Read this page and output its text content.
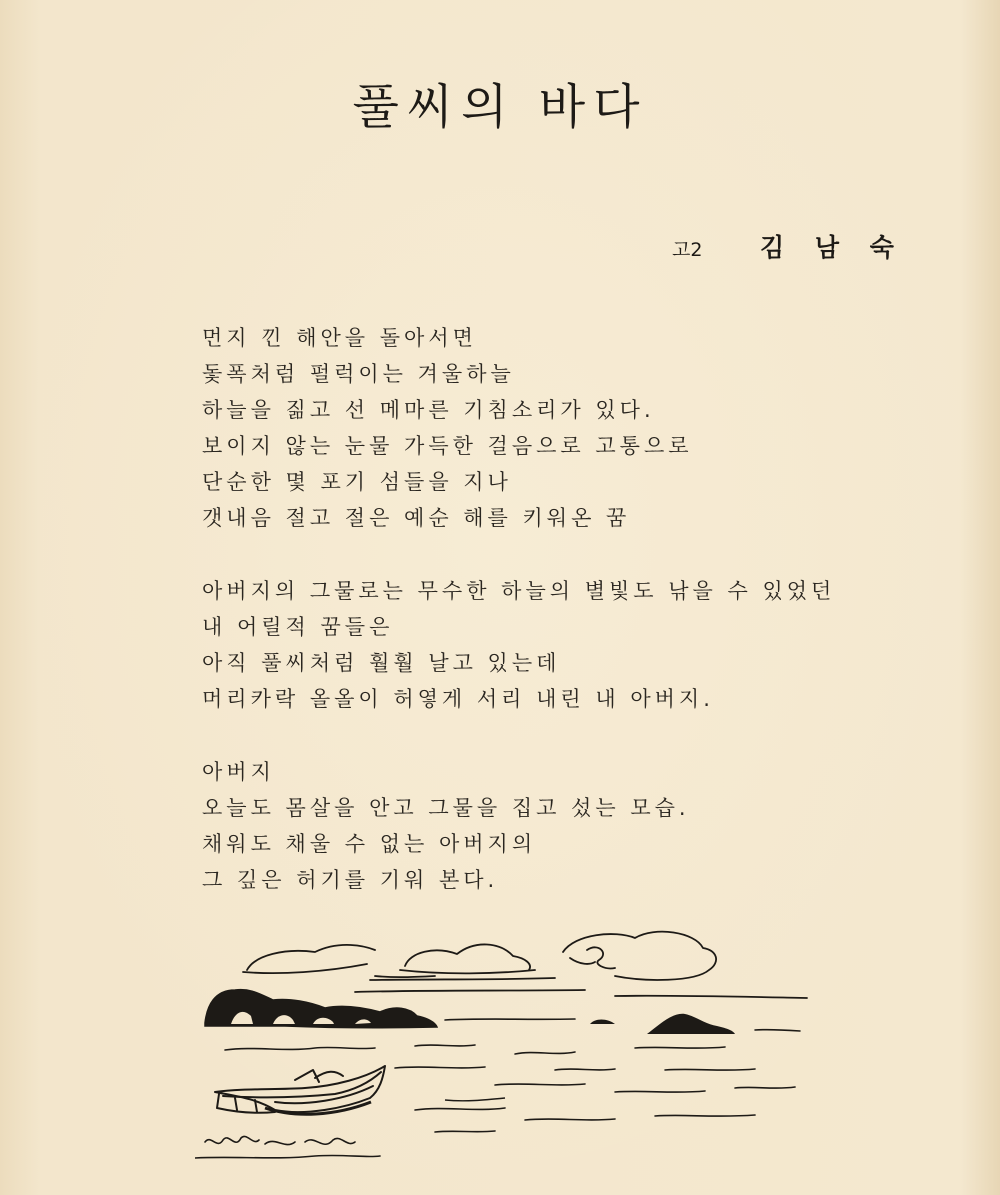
풀씨의 바다
고2	김 남 숙
먼지 낀 해안을 돌아서면
돛폭처럼 펄럭이는 겨울하늘
하늘을 짊고 선 메마른 기침소리가 있다.
보이지 않는 눈물 가득한 걸음으로 고통으로
단순한 몇 포기 섬들을 지나
갯내음 절고 절은 예순 해를 키워온 꿈
아버지의 그물로는 무수한 하늘의 별빛도 낚을 수 있었던
내 어릴적 꿈들은
아직 풀씨처럼 훨훨 날고 있는데
머리카락 올올이 허옇게 서리 내린 내 아버지.
아버지
오늘도 몸살을 안고 그물을 집고 섰는 모습.
채워도 채울 수 없는 아버지의
그 깊은 허기를 기워 본다.
